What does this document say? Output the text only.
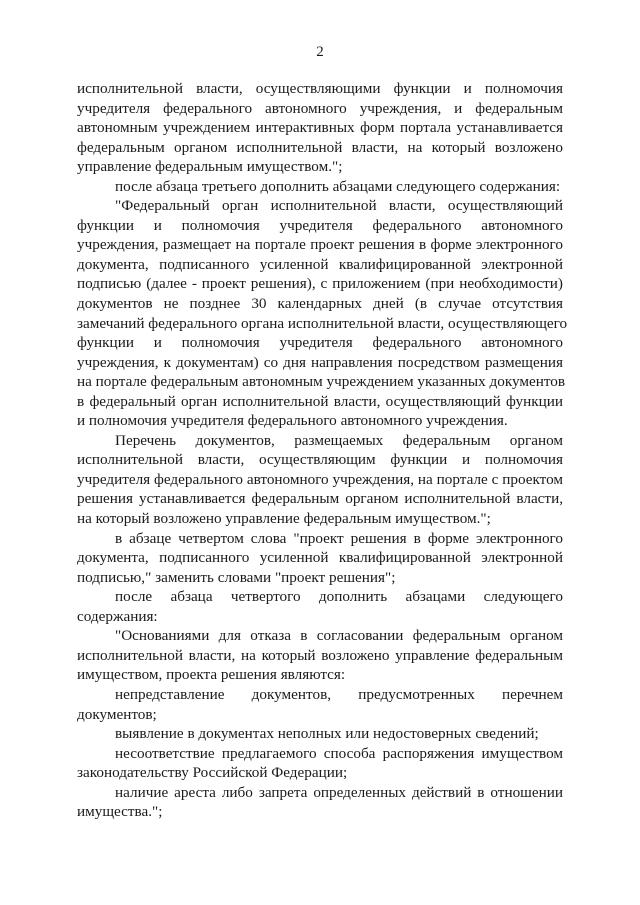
2
исполнительной власти, осуществляющими функции и полномочия
учредителя федерального автономного учреждения, и федеральным
автономным учреждением интерактивных форм портала устанавливается
федеральным органом исполнительной власти, на который возложено
управление федеральным имуществом.";
после абзаца третьего дополнить абзацами следующего содержания:
"Федеральный орган исполнительной власти, осуществляющий
функции и полномочия учредителя федерального автономного
учреждения, размещает на портале проект решения в форме электронного
документа, подписанного усиленной квалифицированной электронной
подписью (далее - проект решения), с приложением (при необходимости)
документов не позднее 30 календарных дней (в случае отсутствия
замечаний федерального органа исполнительной власти, осуществляющего
функции и полномочия учредителя федерального автономного
учреждения, к документам) со дня направления посредством размещения
на портале федеральным автономным учреждением указанных документов
в федеральный орган исполнительной власти, осуществляющий функции
и полномочия учредителя федерального автономного учреждения.
Перечень документов, размещаемых федеральным органом
исполнительной власти, осуществляющим функции и полномочия
учредителя федерального автономного учреждения, на портале с проектом
решения устанавливается федеральным органом исполнительной власти,
на который возложено управление федеральным имуществом.";
в абзаце четвертом слова "проект решения в форме электронного
документа, подписанного усиленной квалифицированной электронной
подписью," заменить словами "проект решения";
после абзаца четвертого дополнить абзацами следующего
содержания:
"Основаниями для отказа в согласовании федеральным органом
исполнительной власти, на который возложено управление федеральным
имуществом, проекта решения являются:
непредставление документов, предусмотренных перечнем
документов;
выявление в документах неполных или недостоверных сведений;
несоответствие предлагаемого способа распоряжения имуществом
законодательству Российской Федерации;
наличие ареста либо запрета определенных действий в отношении
имущества.";
